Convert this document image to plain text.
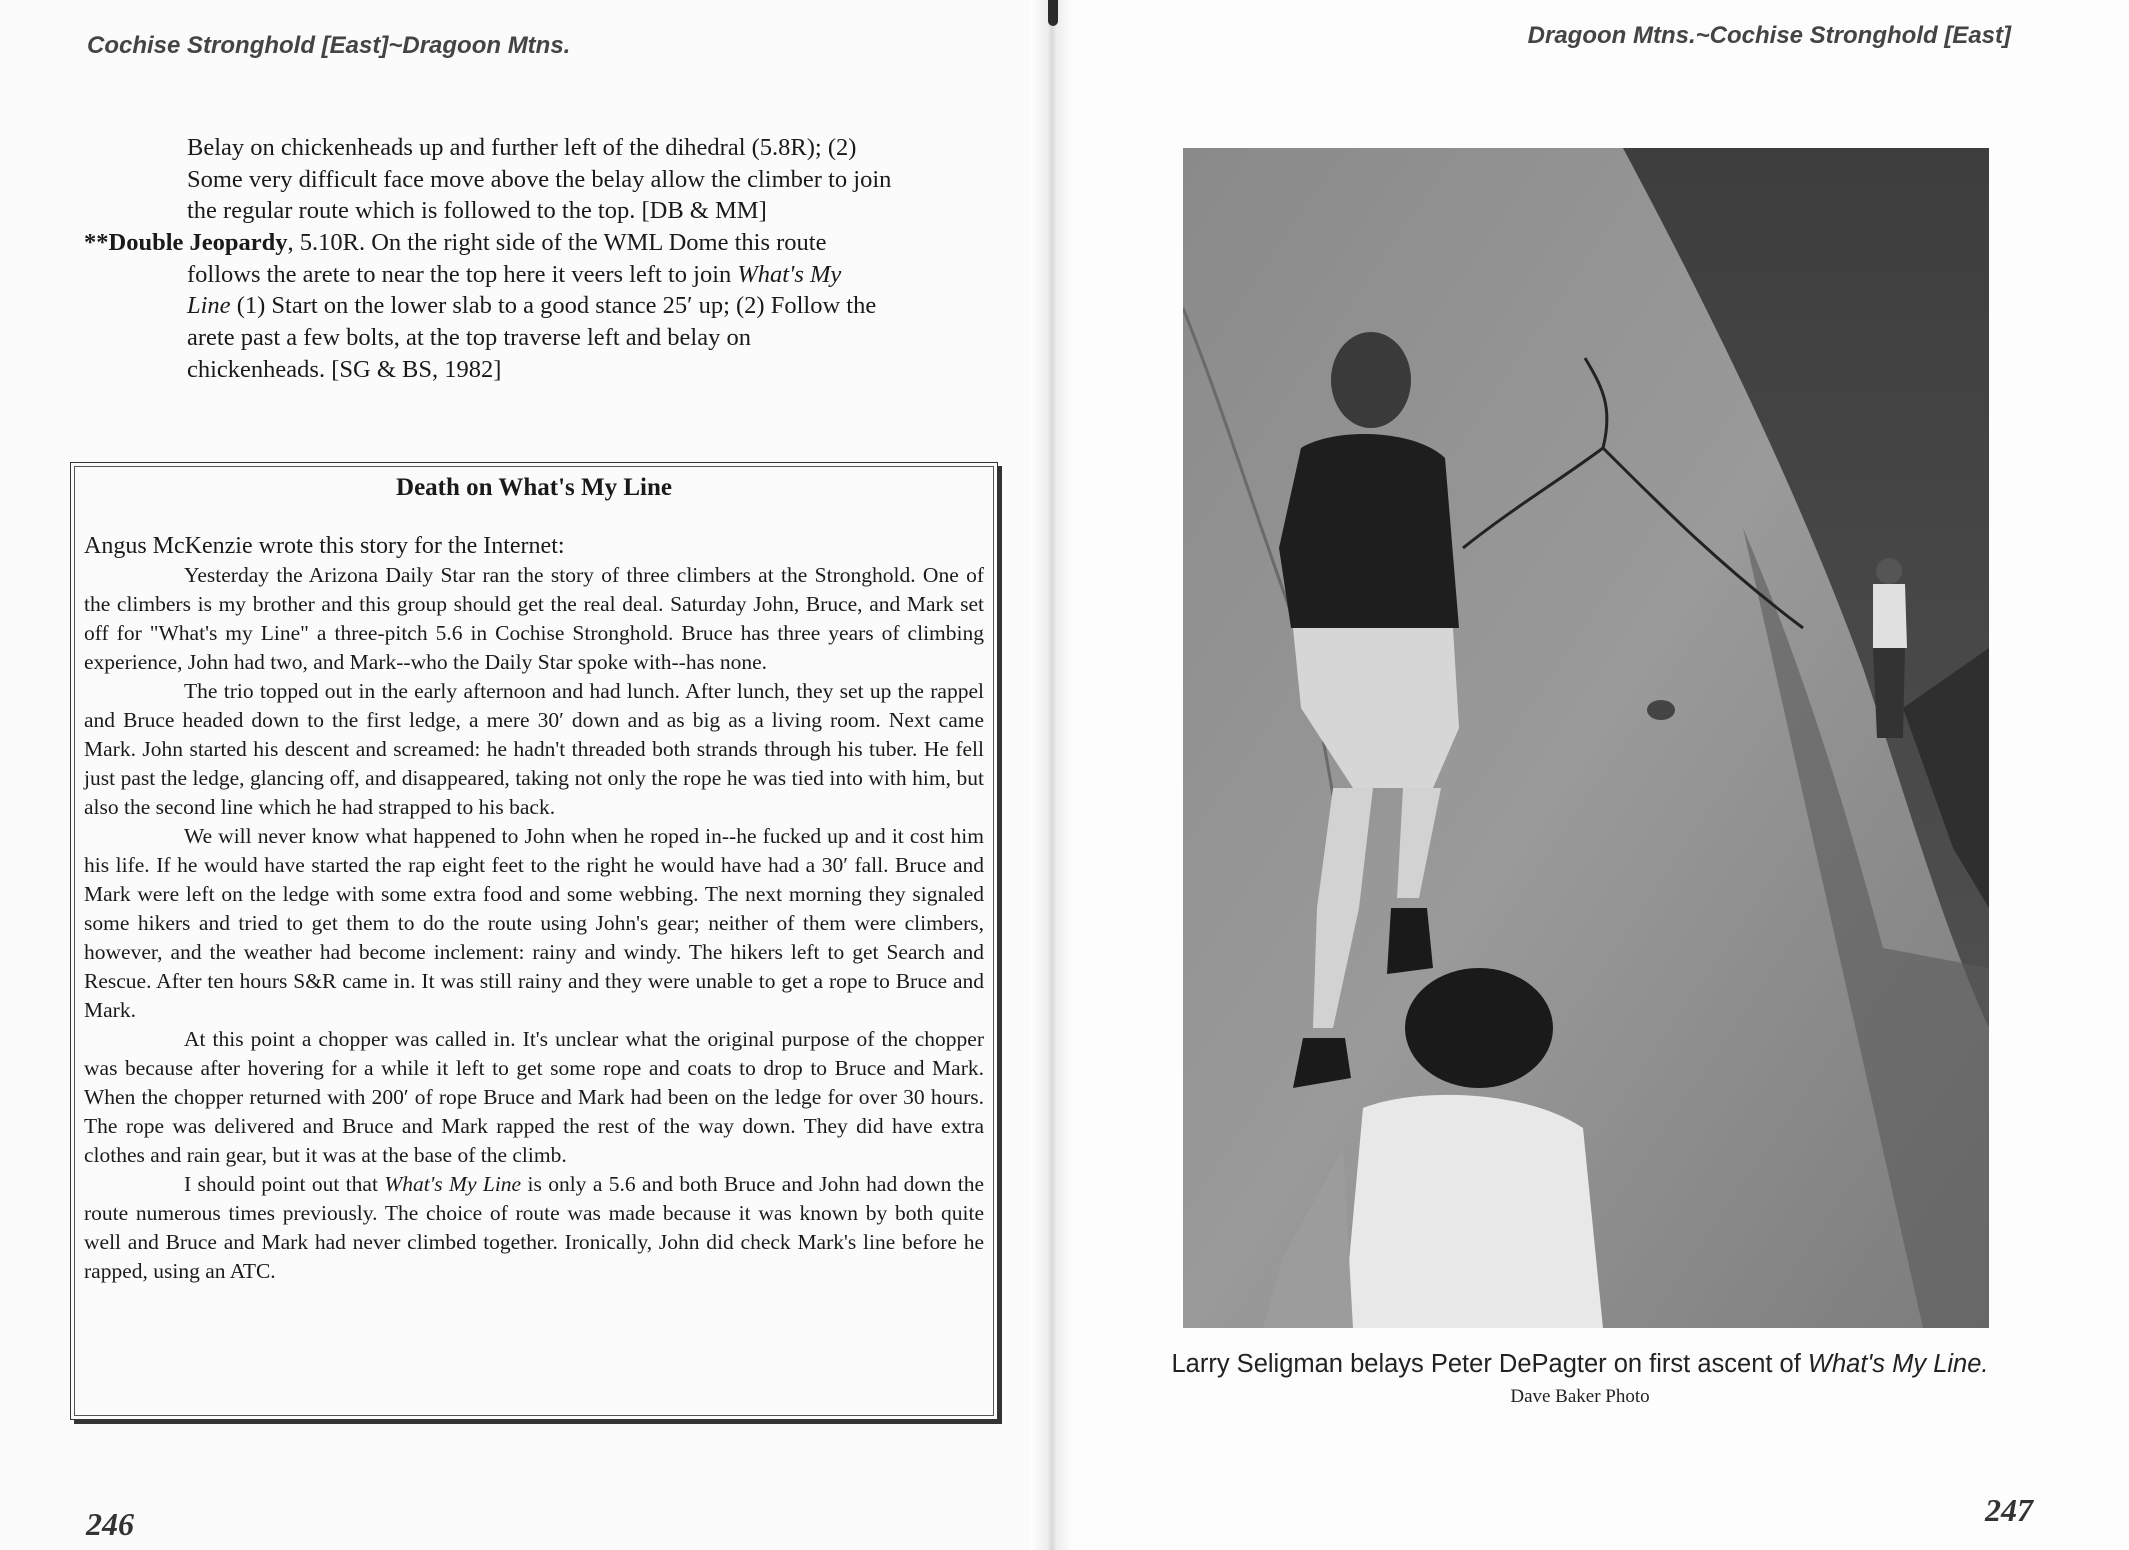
Cochise Stronghold [East]~Dragoon Mtns.
Belay on chickenheads up and further left of the dihedral (5.8R); (2)
Some very difficult face move above the belay allow the climber to join
the regular route which is followed to the top. [DB & MM]
**Double Jeopardy, 5.10R. On the right side of the WML Dome this route
follows the arete to near the top here it veers left to join What's My
Line (1) Start on the lower slab to a good stance 25′ up; (2) Follow the
arete past a few bolts, at the top traverse left and belay on
chickenheads. [SG & BS, 1982]
Death on What's My Line

Angus McKenzie wrote this story for the Internet:

Yesterday the Arizona Daily Star ran the story of three climbers at the Stronghold. One of the climbers is my brother and this group should get the real deal. Saturday John, Bruce, and Mark set off for "What's my Line" a three-pitch 5.6 in Cochise Stronghold. Bruce has three years of climbing experience, John had two, and Mark--who the Daily Star spoke with--has none.

The trio topped out in the early afternoon and had lunch. After lunch, they set up the rappel and Bruce headed down to the first ledge, a mere 30′ down and as big as a living room. Next came Mark. John started his descent and screamed: he hadn't threaded both strands through his tuber. He fell just past the ledge, glancing off, and disappeared, taking not only the rope he was tied into with him, but also the second line which he had strapped to his back.

We will never know what happened to John when he roped in--he fucked up and it cost him his life. If he would have started the rap eight feet to the right he would have had a 30′ fall. Bruce and Mark were left on the ledge with some extra food and some webbing. The next morning they signaled some hikers and tried to get them to do the route using John's gear; neither of them were climbers, however, and the weather had become inclement: rainy and windy. The hikers left to get Search and Rescue. After ten hours S&R came in. It was still rainy and they were unable to get a rope to Bruce and Mark.

At this point a chopper was called in. It's unclear what the original purpose of the chopper was because after hovering for a while it left to get some rope and coats to drop to Bruce and Mark. When the chopper returned with 200′ of rope Bruce and Mark had been on the ledge for over 30 hours. The rope was delivered and Bruce and Mark rapped the rest of the way down. They did have extra clothes and rain gear, but it was at the base of the climb.

I should point out that What's My Line is only a 5.6 and both Bruce and John had down the route numerous times previously. The choice of route was made because it was known by both quite well and Bruce and Mark had never climbed together. Ironically, John did check Mark's line before he rapped, using an ATC.

246
Dragoon Mtns.~Cochise Stronghold [East]
Larry Seligman belays Peter DePagter on first ascent of What's My Line.
Dave Baker Photo
247
